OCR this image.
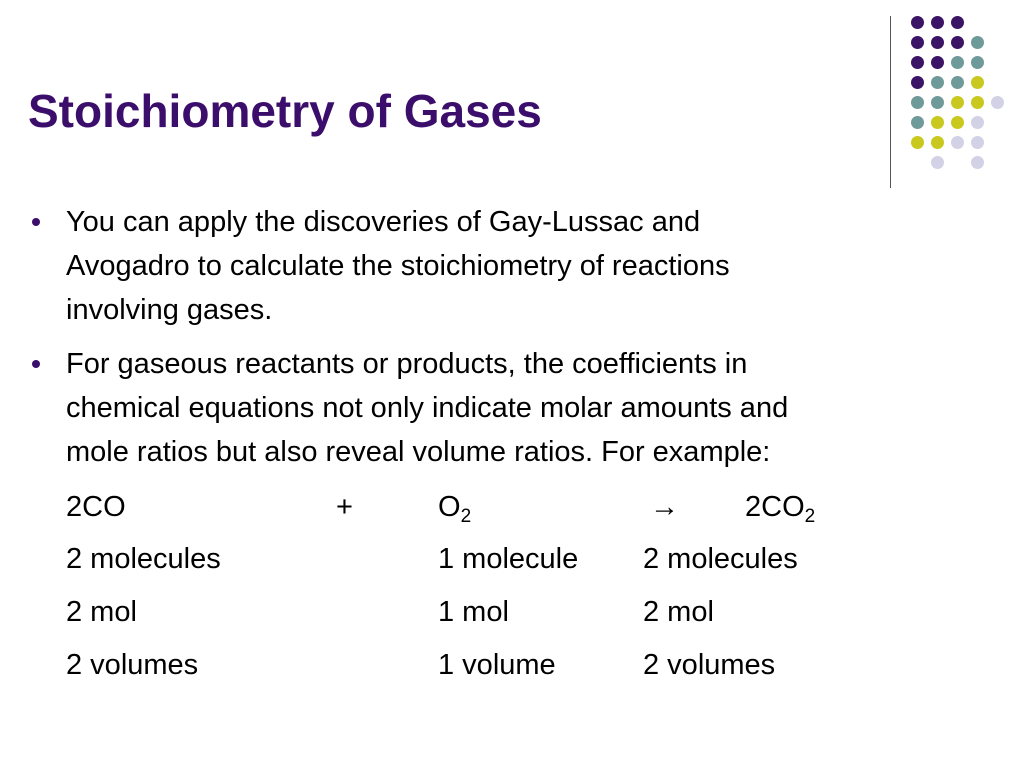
Stoichiometry of Gases
You can apply the discoveries of Gay-Lussac and
Avogadro to calculate the stoichiometry of reactions
involving gases.
For gaseous reactants or products, the coefficients in
chemical equations not only indicate molar amounts and
mole ratios but also reveal volume ratios. For example:
2CO	+	$O_2$	→ $2CO_2$
2 molecules	1 molecule 2 molecules
2 mol	1 mol	2 mol
2 volumes	1 volume	2 volumes
